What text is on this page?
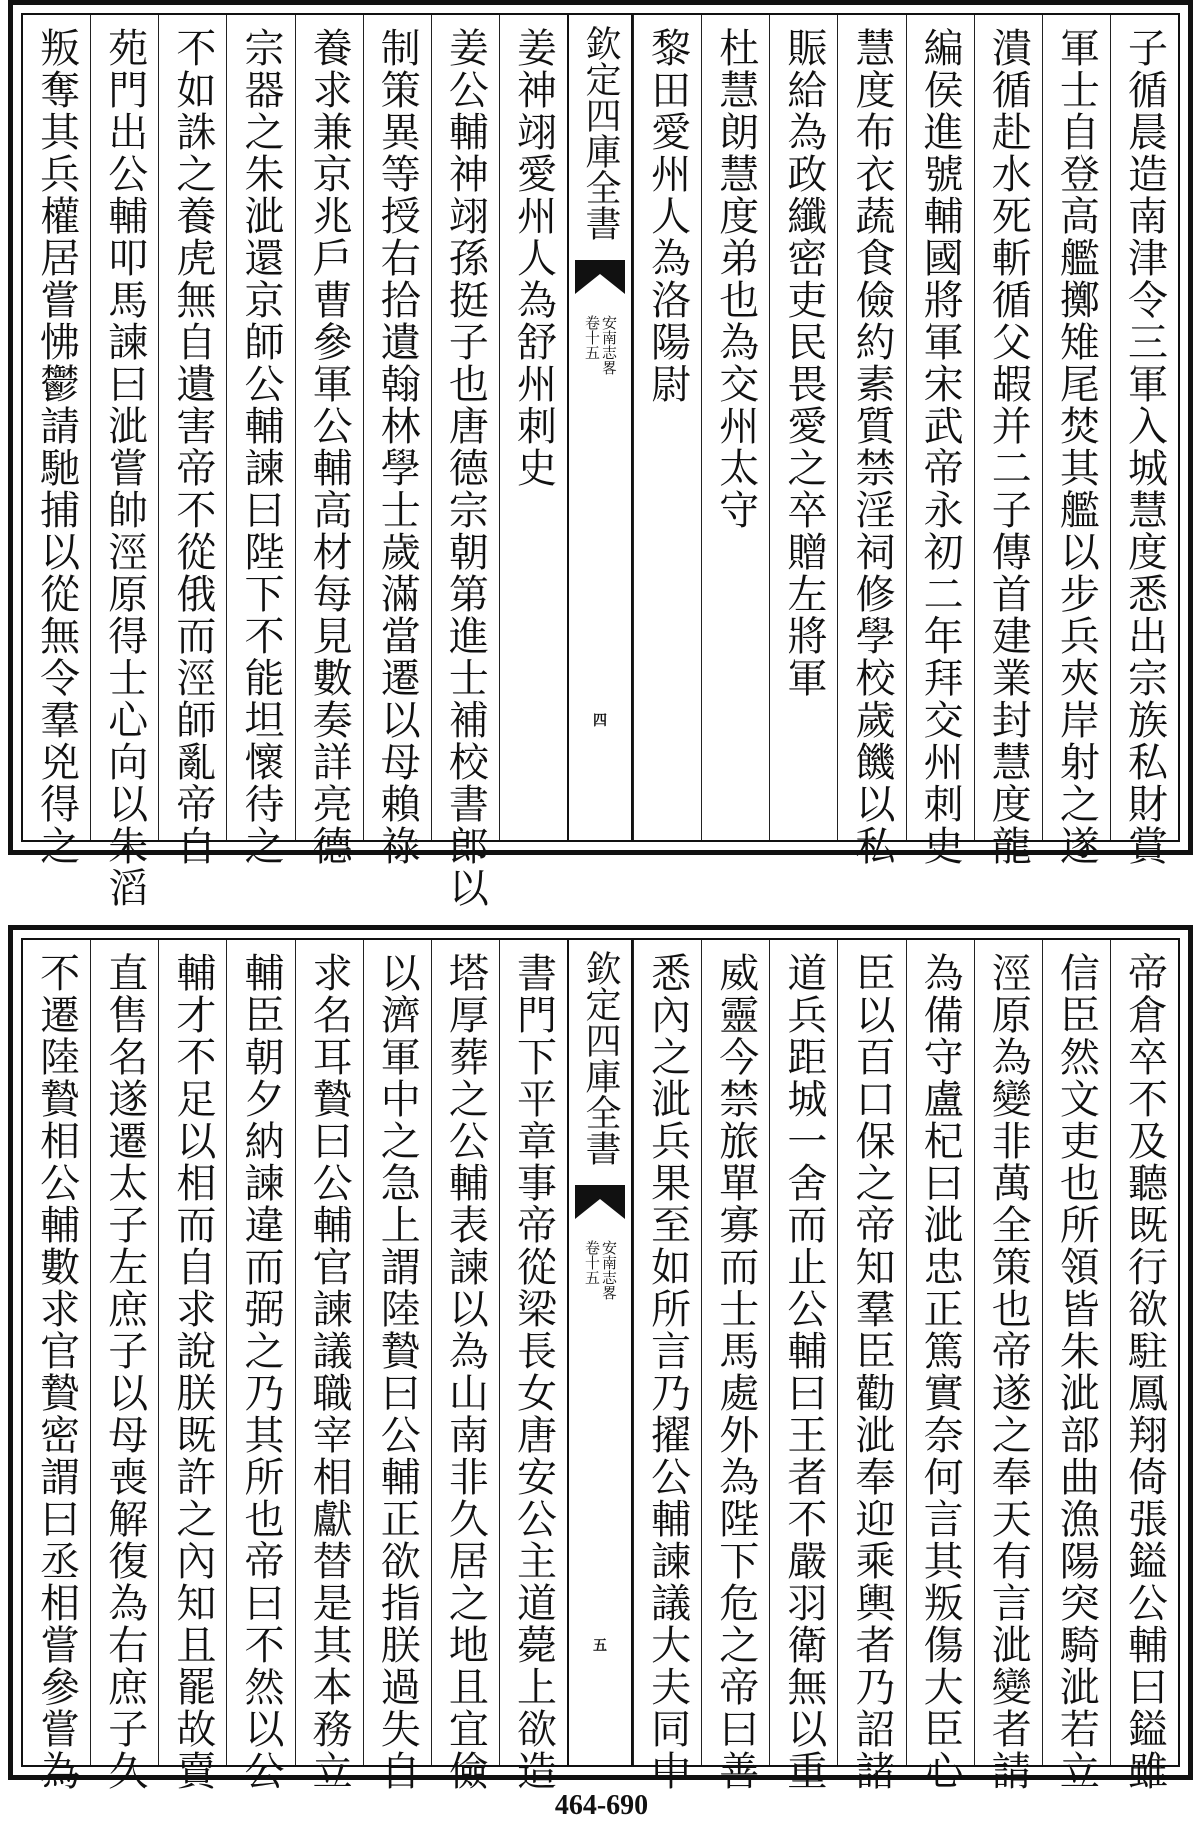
叛奪其兵權居嘗怫鬱請馳捕以從無令羣兇得之 苑門出公輔叩馬諫曰泚嘗帥涇原得士心向以朱滔 不如誅之養虎無自遺害帝不從俄而涇師亂帝自 宗器之朱泚還京師公輔諫曰陛下不能坦懷待之 養求兼京兆戶曹參軍公輔高材每見數奏詳亮德 制策異等授右拾遺翰林學士歲滿當遷以母賴祿 姜公輔神翊孫挺子也唐德宗朝第進士補校書郎以 姜神翊愛州人為舒州刺史 欽定四庫全書
安南志畧
卷十五
四
黎田愛州人為洛陽尉 杜慧朗慧度弟也為交州太守 賑給為政纖密吏民畏愛之卒贈左將軍 慧度布衣蔬食儉約素質禁淫祠修學校歲饑以私 編侯進號輔國將軍宋武帝永初二年拜交州刺史 潰循赴水死斬循父嘏并二子傳首建業封慧度龍 軍士自登高艦擲雉尾焚其艦以步兵夾岸射之遂 子循晨造南津令三軍入城慧度悉出宗族私財賞
不遷陸贄相公輔數求官贄密謂曰丞相嘗參嘗為 直售名遂遷太子左庶子以母喪解復為右庶子久 輔才不足以相而自求說朕既許之內知且罷故賣 輔臣朝夕納諫違而弼之乃其所也帝曰不然以公 求名耳贄曰公輔官諫議職宰相獻替是其本務立 以濟軍中之急上謂陸贄曰公輔正欲指朕過失自 塔厚葬之公輔表諫以為山南非久居之地且宜儉 書門下平章事帝從梁長女唐安公主道薨上欲造 欽定四庫全書
安南志畧
卷十五
五 悉內之泚兵果至如所言乃擢公輔諫議大夫同中 威靈今禁旅單寡而士馬處外為陛下危之帝曰善 道兵距城一舍而止公輔曰王者不嚴羽衛無以重 臣以百口保之帝知羣臣勸泚奉迎乘輿者乃詔諸 為備守盧杞曰泚忠正篤實奈何言其叛傷大臣心 涇原為變非萬全策也帝遂之奉天有言泚變者請 信臣然文吏也所領皆朱泚部曲漁陽突騎泚若立 帝倉卒不及聽既行欲駐鳳翔倚張鎰公輔曰鎰雖
464-690
